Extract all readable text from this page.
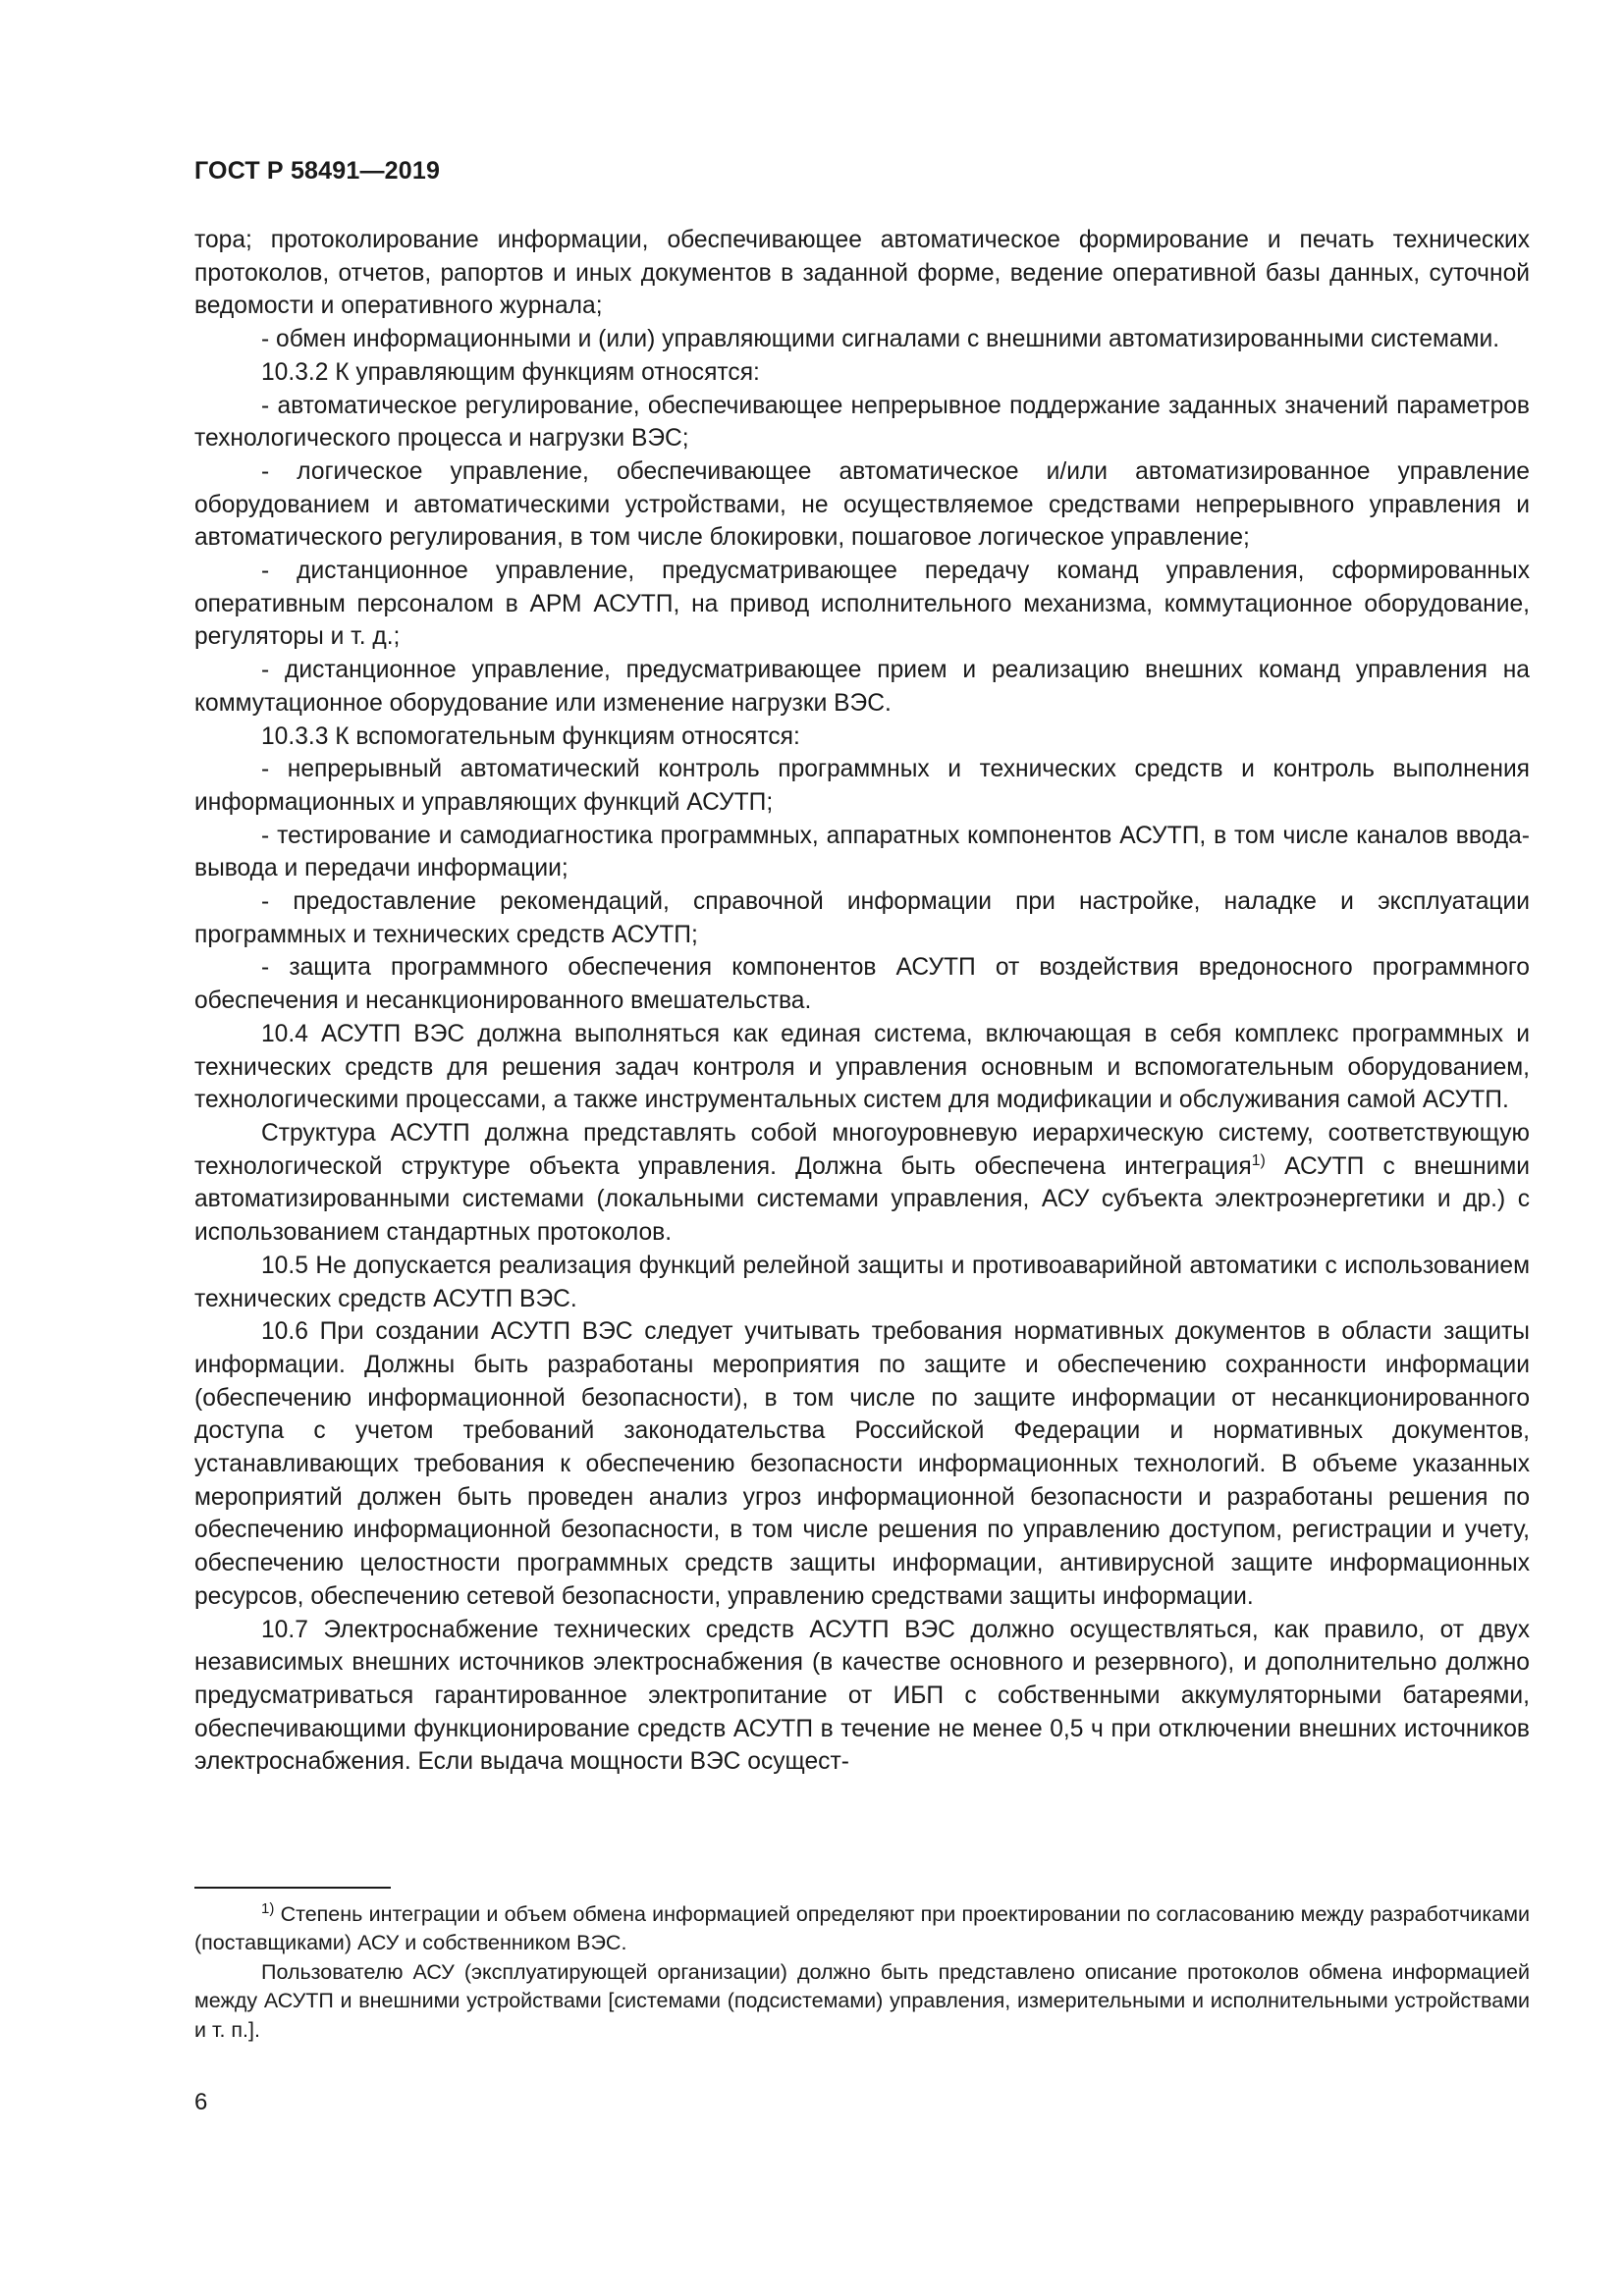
ГОСТ Р 58491—2019

тора; протоколирование информации, обеспечивающее автоматическое формирование и печать технических протоколов, отчетов, рапортов и иных документов в заданной форме, ведение оперативной базы данных, суточной ведомости и оперативного журнала;

- обмен информационными и (или) управляющими сигналами с внешними автоматизированными системами.

10.3.2 К управляющим функциям относятся:

- автоматическое регулирование, обеспечивающее непрерывное поддержание заданных значений параметров технологического процесса и нагрузки ВЭС;

- логическое управление, обеспечивающее автоматическое и/или автоматизированное управление оборудованием и автоматическими устройствами, не осуществляемое средствами непрерывного управления и автоматического регулирования, в том числе блокировки, пошаговое логическое управление;

- дистанционное управление, предусматривающее передачу команд управления, сформированных оперативным персоналом в АРМ АСУТП, на привод исполнительного механизма, коммутационное оборудование, регуляторы и т. д.;

- дистанционное управление, предусматривающее прием и реализацию внешних команд управления на коммутационное оборудование или изменение нагрузки ВЭС.

10.3.3 К вспомогательным функциям относятся:

- непрерывный автоматический контроль программных и технических средств и контроль выполнения информационных и управляющих функций АСУТП;

- тестирование и самодиагностика программных, аппаратных компонентов АСУТП, в том числе каналов ввода-вывода и передачи информации;

- предоставление рекомендаций, справочной информации при настройке, наладке и эксплуатации программных и технических средств АСУТП;

- защита программного обеспечения компонентов АСУТП от воздействия вредоносного программного обеспечения и несанкционированного вмешательства.

10.4 АСУТП ВЭС должна выполняться как единая система, включающая в себя комплекс программных и технических средств для решения задач контроля и управления основным и вспомогательным оборудованием, технологическими процессами, а также инструментальных систем для модификации и обслуживания самой АСУТП.

Структура АСУТП должна представлять собой многоуровневую иерархическую систему, соответствующую технологической структуре объекта управления. Должна быть обеспечена интеграция$^{1)}$ АСУТП с внешними автоматизированными системами (локальными системами управления, АСУ субъекта электроэнергетики и др.) с использованием стандартных протоколов.

10.5 Не допускается реализация функций релейной защиты и противоаварийной автоматики с использованием технических средств АСУТП ВЭС.

10.6 При создании АСУТП ВЭС следует учитывать требования нормативных документов в области защиты информации. Должны быть разработаны мероприятия по защите и обеспечению сохранности информации (обеспечению информационной безопасности), в том числе по защите информации от несанкционированного доступа с учетом требований законодательства Российской Федерации и нормативных документов, устанавливающих требования к обеспечению безопасности информационных технологий. В объеме указанных мероприятий должен быть проведен анализ угроз информационной безопасности и разработаны решения по обеспечению информационной безопасности, в том числе решения по управлению доступом, регистрации и учету, обеспечению целостности программных средств защиты информации, антивирусной защите информационных ресурсов, обеспечению сетевой безопасности, управлению средствами защиты информации.

10.7 Электроснабжение технических средств АСУТП ВЭС должно осуществляться, как правило, от двух независимых внешних источников электроснабжения (в качестве основного и резервного), и дополнительно должно предусматриваться гарантированное электропитание от ИБП с собственными аккумуляторными батареями, обеспечивающими функционирование средств АСУТП в течение не менее 0,5 ч при отключении внешних источников электроснабжения. Если выдача мощности ВЭС осущест-

$^{1)}$ Степень интеграции и объем обмена информацией определяют при проектировании по согласованию между разработчиками (поставщиками) АСУ и собственником ВЭС.

Пользователю АСУ (эксплуатирующей организации) должно быть представлено описание протоколов обмена информацией между АСУТП и внешними устройствами [системами (подсистемами) управления, измерительными и исполнительными устройствами и т. п.].

6
